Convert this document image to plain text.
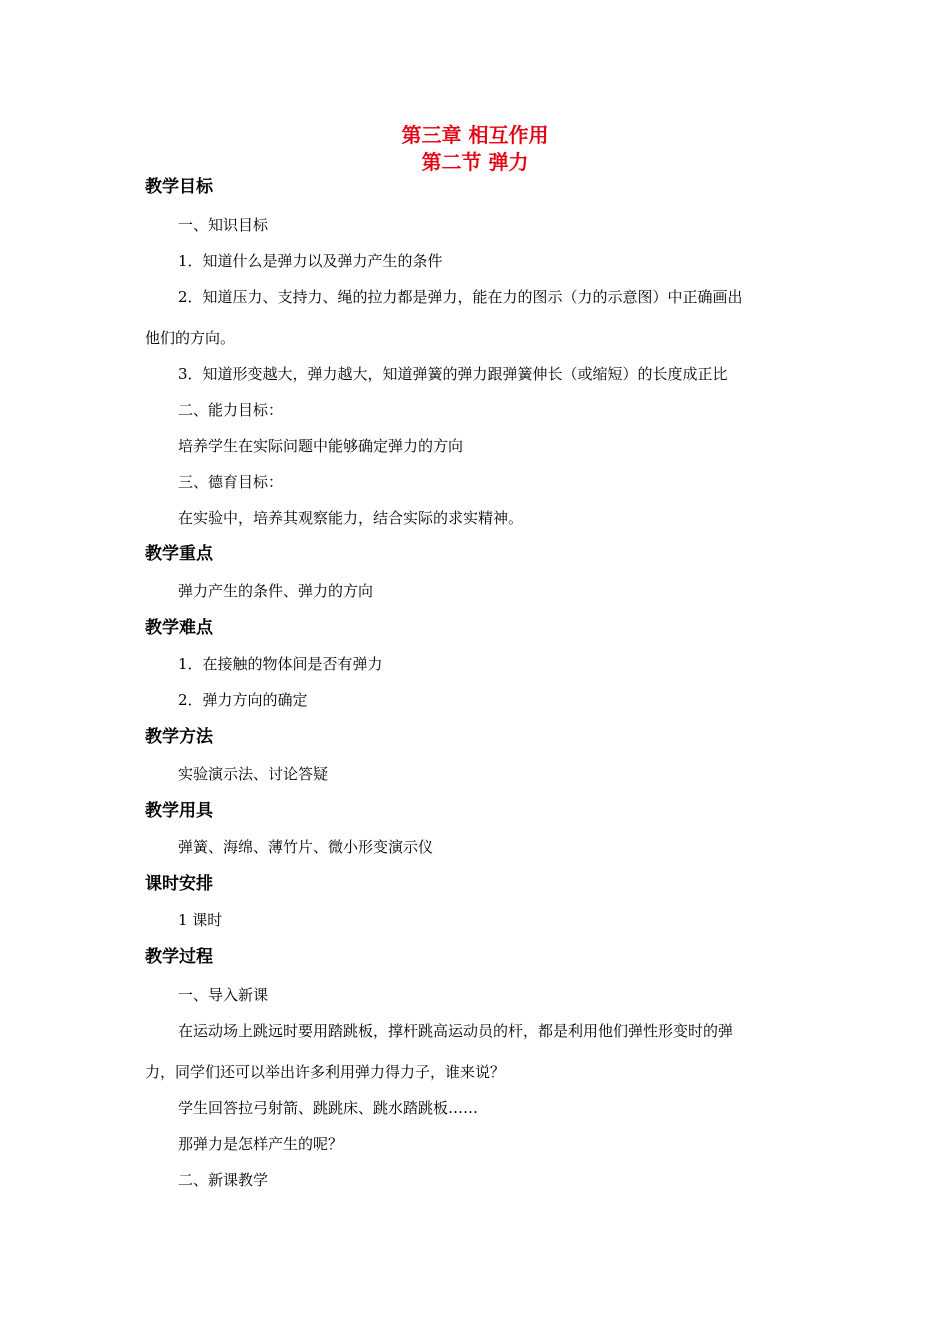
第三章 相互作用

第二节 弹力

教学目标

一、知识目标

1．知道什么是弹力以及弹力产生的条件

2．知道压力、支持力、绳的拉力都是弹力，能在力的图示（力的示意图）中正确画出

他们的方向。

3．知道形变越大，弹力越大，知道弹簧的弹力跟弹簧伸长（或缩短）的长度成正比

二、能力目标：

培养学生在实际问题中能够确定弹力的方向

三、德育目标：

在实验中，培养其观察能力，结合实际的求实精神。

教学重点

弹力产生的条件、弹力的方向

教学难点

1．在接触的物体间是否有弹力

2．弹力方向的确定

教学方法

实验演示法、讨论答疑

教学用具

弹簧、海绵、薄竹片、微小形变演示仪

课时安排

1 课时

教学过程

一、导入新课

在运动场上跳远时要用踏跳板，撑杆跳高运动员的杆，都是利用他们弹性形变时的弹

力，同学们还可以举出许多利用弹力得力子，谁来说？

学生回答拉弓射箭、跳跳床、跳水踏跳板……

那弹力是怎样产生的呢？

二、新课教学
